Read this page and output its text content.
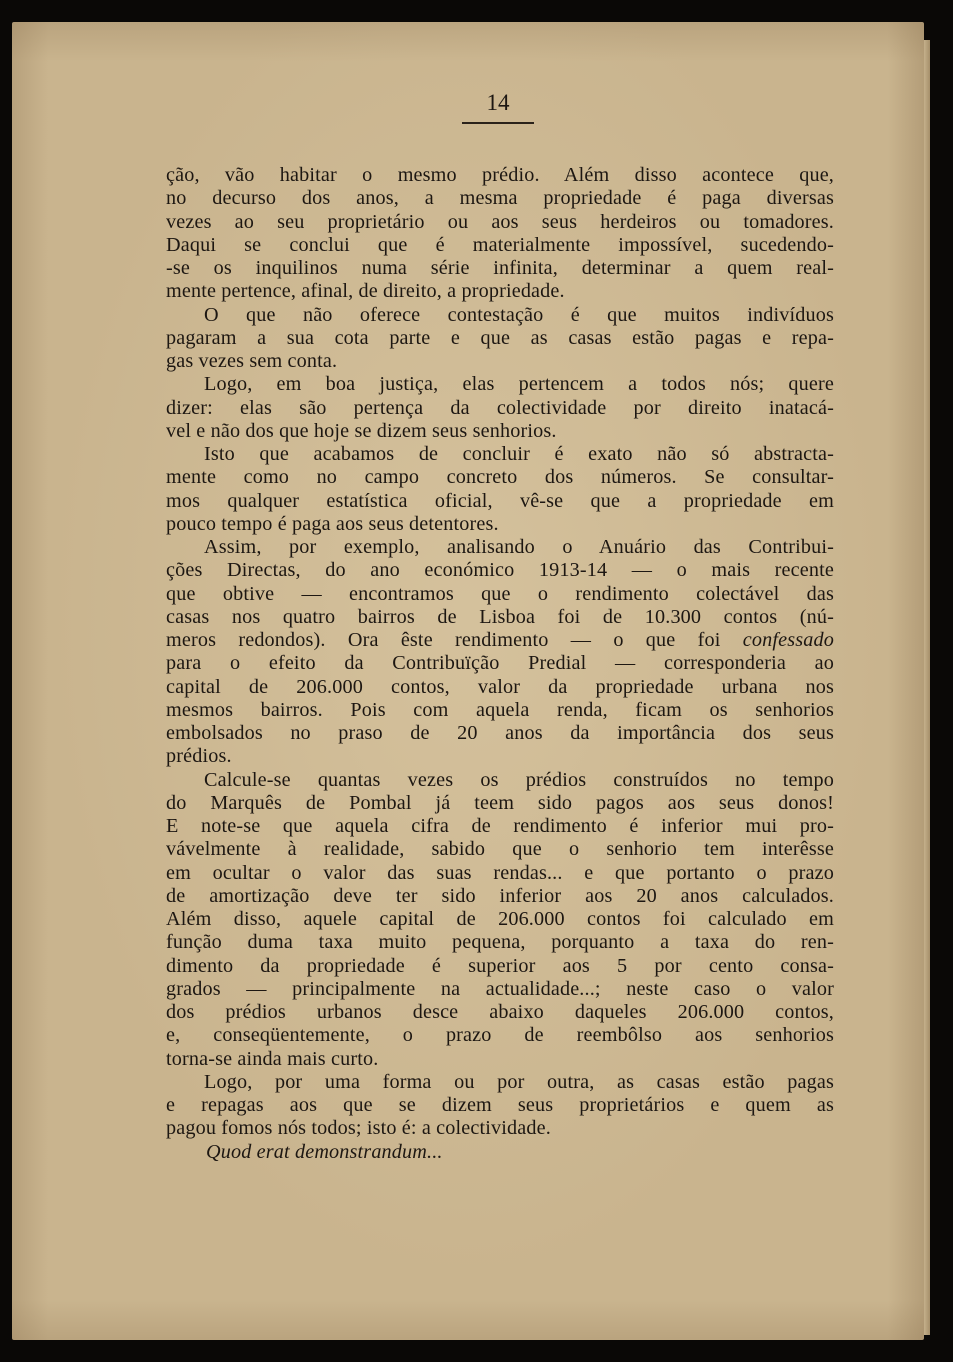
14
ção, vão habitar o mesmo prédio. Além disso acontece que,
no decurso dos anos, a mesma propriedade é paga diversas
vezes ao seu proprietário ou aos seus herdeiros ou tomadores.
Daqui se conclui que é materialmente impossível, sucedendo-
-se os inquilinos numa série infinita, determinar a quem real-
mente pertence, afinal, de direito, a propriedade.
O que não oferece contestação é que muitos indivíduos
pagaram a sua cota parte e que as casas estão pagas e repa-
gas vezes sem conta.
Logo, em boa justiça, elas pertencem a todos nós; quere
dizer: elas são pertença da colectividade por direito inatacá-
vel e não dos que hoje se dizem seus senhorios.
Isto que acabamos de concluir é exato não só abstracta-
mente como no campo concreto dos números. Se consultar-
mos qualquer estatística oficial, vê-se que a propriedade em
pouco tempo é paga aos seus detentores.
Assim, por exemplo, analisando o Anuário das Contribui-
ções Directas, do ano económico 1913-14 — o mais recente
que obtive — encontramos que o rendimento colectável das
casas nos quatro bairros de Lisboa foi de 10.300 contos (nú-
meros redondos). Ora êste rendimento — o que foi confessado
para o efeito da Contribuïção Predial — corresponderia ao
capital de 206.000 contos, valor da propriedade urbana nos
mesmos bairros. Pois com aquela renda, ficam os senhorios
embolsados no praso de 20 anos da importância dos seus
prédios.
Calcule-se quantas vezes os prédios construídos no tempo
do Marquês de Pombal já teem sido pagos aos seus donos!
E note-se que aquela cifra de rendimento é inferior mui pro-
vávelmente à realidade, sabido que o senhorio tem interêsse
em ocultar o valor das suas rendas... e que portanto o prazo
de amortização deve ter sido inferior aos 20 anos calculados.
Além disso, aquele capital de 206.000 contos foi calculado em
função duma taxa muito pequena, porquanto a taxa do ren-
dimento da propriedade é superior aos 5 por cento consa-
grados — principalmente na actualidade...; neste caso o valor
dos prédios urbanos desce abaixo daqueles 206.000 contos,
e, conseqüentemente, o prazo de reembôlso aos senhorios
torna-se ainda mais curto.
Logo, por uma forma ou por outra, as casas estão pagas
e repagas aos que se dizem seus proprietários e quem as
pagou fomos nós todos; isto é: a colectividade.
Quod erat demonstrandum...
